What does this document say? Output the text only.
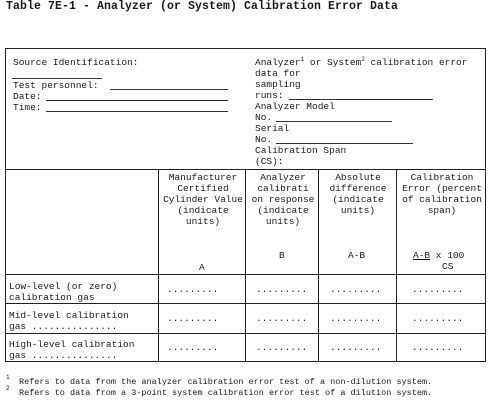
Table 7E-1 - Analyzer (or System) Calibration Error Data
Source Identification:
Test personnel:
Date:
Time:
Analyzer$^1$ or System$^2$ calibration error
data for
sampling
runs:
Analyzer Model
No.
Serial
No.
Calibration Span
(CS):
Manufacturer Certified Cylinder Value (indicate units)
A
Analyzer calibrati on response (indicate units)
B
Absolute difference (indicate units)
A-B
Calibration Error (percent of calibration span)
A-B x 100
CS
Low-level (or zero)
calibration gas
.........	......... .........	.........
Mid-level calibration
gas ...............
.........	......... .........	.........
High-level calibration
gas ...............
.........	......... .........	.........
1 Refers to data from the analyzer calibration error test of a non-dilution system.
2 Refers to data from a 3-point system calibration error test of a dilution system.
